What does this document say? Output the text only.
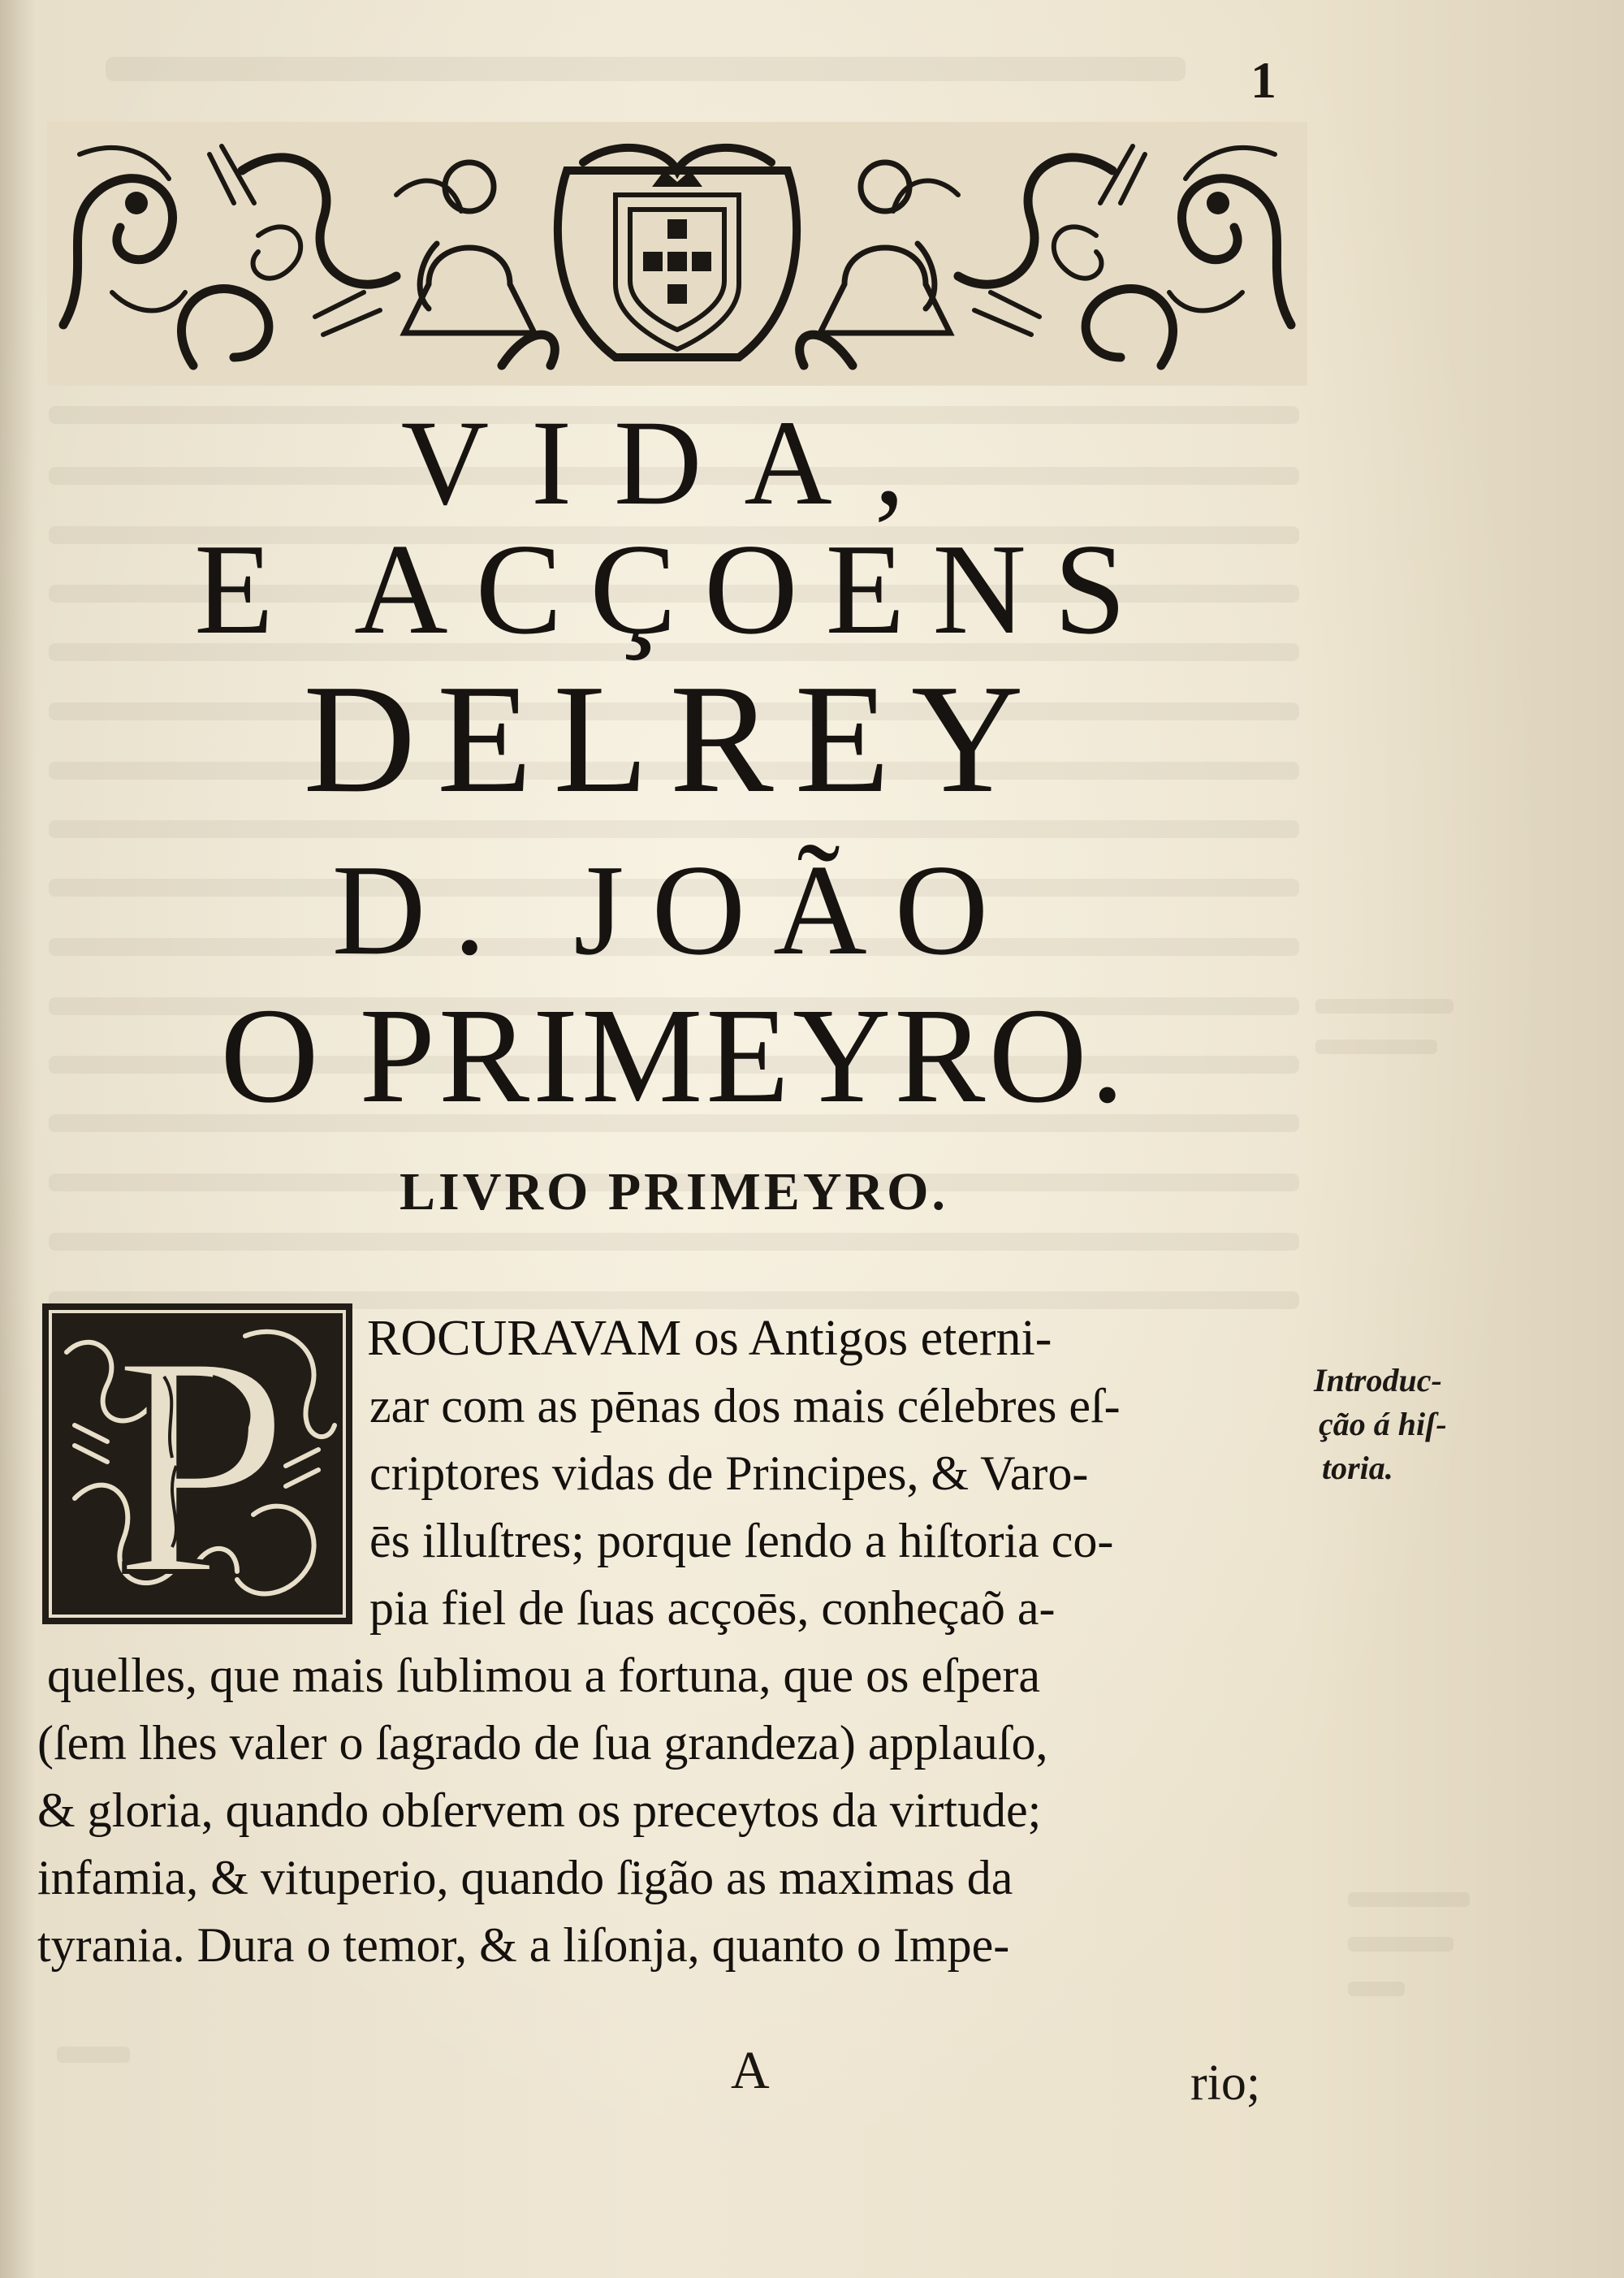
1
VIDA,
E ACÇOENS
DELREY
D. JOÃO
O PRIMEYRO.
LIVRO PRIMEYRO.
P ROCURAVAM os Antigos eterni-
zar com as pēnas dos mais célebres eſ-
criptores vidas de Principes, & Varo-
ēs illuſtres; porque ſendo a hiſtoria co-
pia fiel de ſuas acçoēs, conheçaõ a-
quelles, que mais ſublimou a fortuna, que os eſpera
(ſem lhes valer o ſagrado de ſua grandeza) applauſo,
& gloria, quando obſervem os preceytos da virtude;
infamia, & vituperio, quando ſigão as maximas da
tyrania. Dura o temor, & a liſonja, quanto o Impe-
Introduc-
ção á hiſ-
toria.
A	rio;
